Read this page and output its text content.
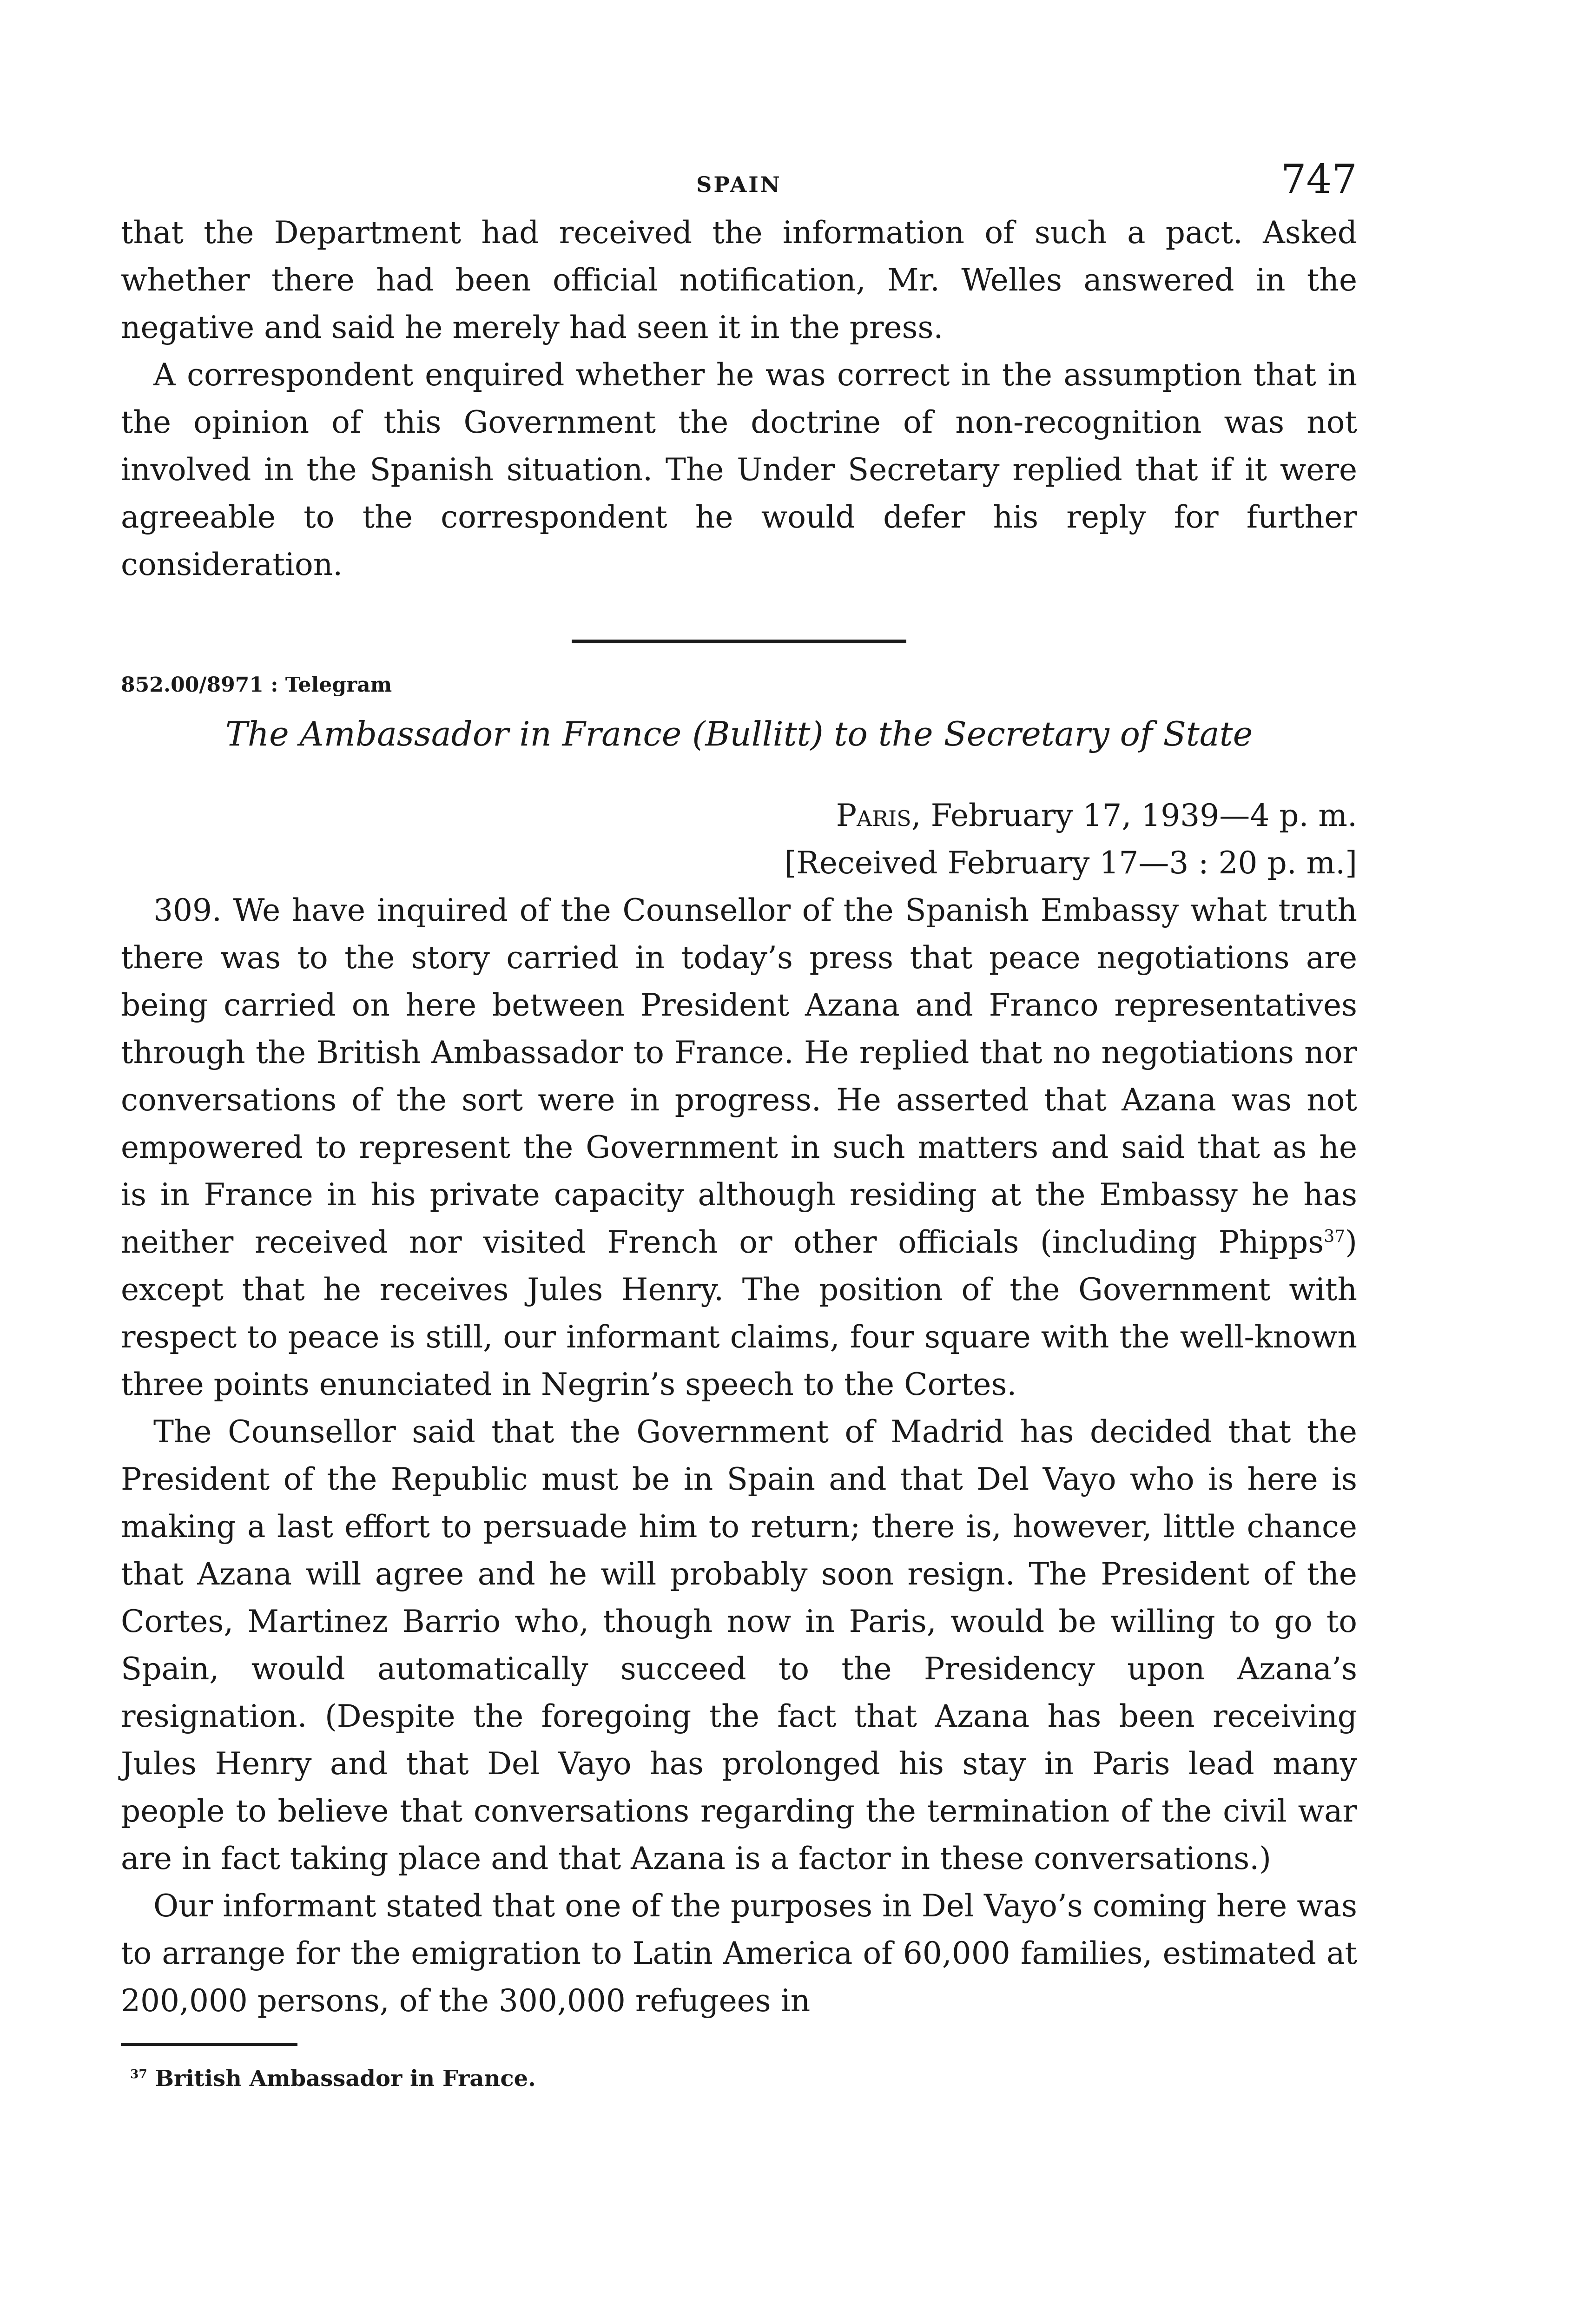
SPAIN	747

that the Department had received the information of such a pact. Asked whether there had been official notification, Mr. Welles answered in the negative and said he merely had seen it in the press.

A correspondent enquired whether he was correct in the assumption that in the opinion of this Government the doctrine of non-recognition was not involved in the Spanish situation. The Under Secretary replied that if it were agreeable to the correspondent he would defer his reply for further consideration.

852.00/8971 : Telegram

The Ambassador in France (Bullitt) to the Secretary of State

Paris, February 17, 1939—4 p. m.

[Received February 17—3 : 20 p. m.]

309. We have inquired of the Counsellor of the Spanish Embassy what truth there was to the story carried in today’s press that peace negotiations are being carried on here between President Azana and Franco representatives through the British Ambassador to France. He replied that no negotiations nor conversations of the sort were in progress. He asserted that Azana was not empowered to represent the Government in such matters and said that as he is in France in his private capacity although residing at the Embassy he has neither received nor visited French or other officials (including Phipps$^{37}$) except that he receives Jules Henry. The position of the Government with respect to peace is still, our informant claims, four square with the well-known three points enunciated in Negrin’s speech to the Cortes.

The Counsellor said that the Government of Madrid has decided that the President of the Republic must be in Spain and that Del Vayo who is here is making a last effort to persuade him to return; there is, however, little chance that Azana will agree and he will probably soon resign. The President of the Cortes, Martinez Barrio who, though now in Paris, would be willing to go to Spain, would automatically succeed to the Presidency upon Azana’s resignation. (Despite the foregoing the fact that Azana has been receiving Jules Henry and that Del Vayo has prolonged his stay in Paris lead many people to believe that conversations regarding the termination of the civil war are in fact taking place and that Azana is a factor in these conversations.)

Our informant stated that one of the purposes in Del Vayo’s coming here was to arrange for the emigration to Latin America of 60,000 families, estimated at 200,000 persons, of the 300,000 refugees in

$^{37}$ British Ambassador in France.
